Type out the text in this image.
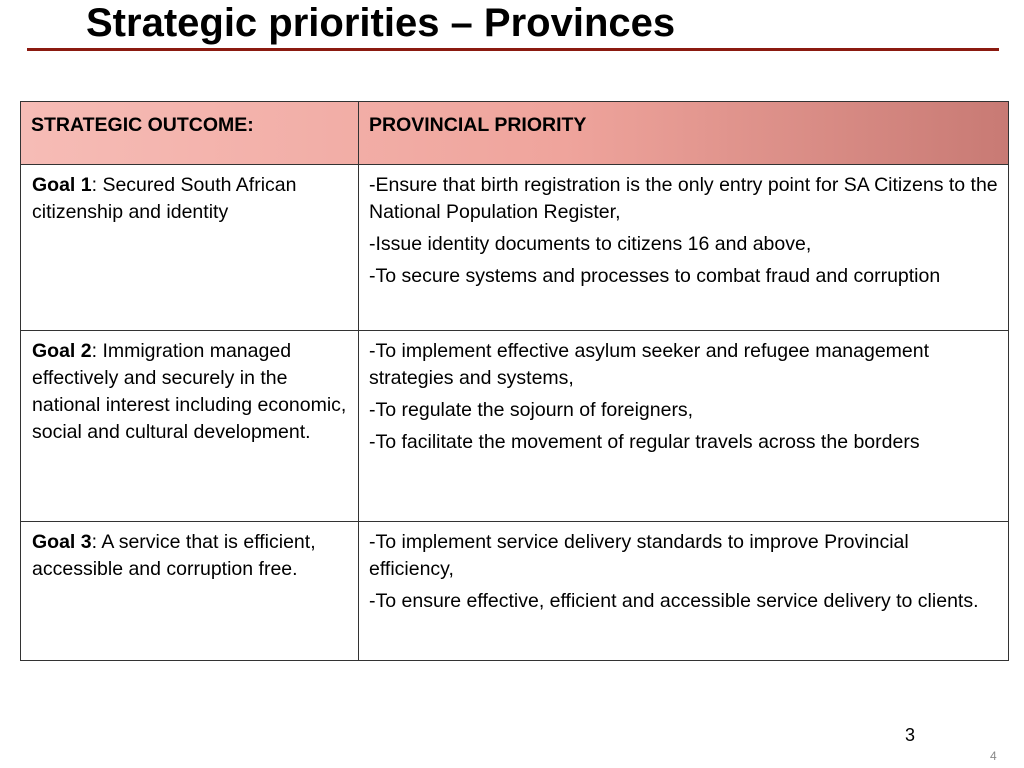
Strategic priorities – Provinces
STRATEGIC OUTCOME:	PROVINCIAL PRIORITY
Goal 1: Secured South African citizenship and identity	-Ensure that birth registration is the only entry point for SA Citizens to the National Population Register,
-Issue identity documents to citizens 16 and above,
-To secure systems and processes to combat fraud and corruption

Goal 2: Immigration managed effectively and securely in the national interest including economic, social and cultural development.	-To implement effective asylum seeker and refugee management strategies and systems,
-To regulate the sojourn of foreigners,
-To facilitate the movement of regular travels across the borders

Goal 3: A service that is efficient, accessible and corruption free.	-To implement service delivery standards to improve Provincial efficiency,
-To ensure effective, efficient and accessible service delivery to clients.
3
4
